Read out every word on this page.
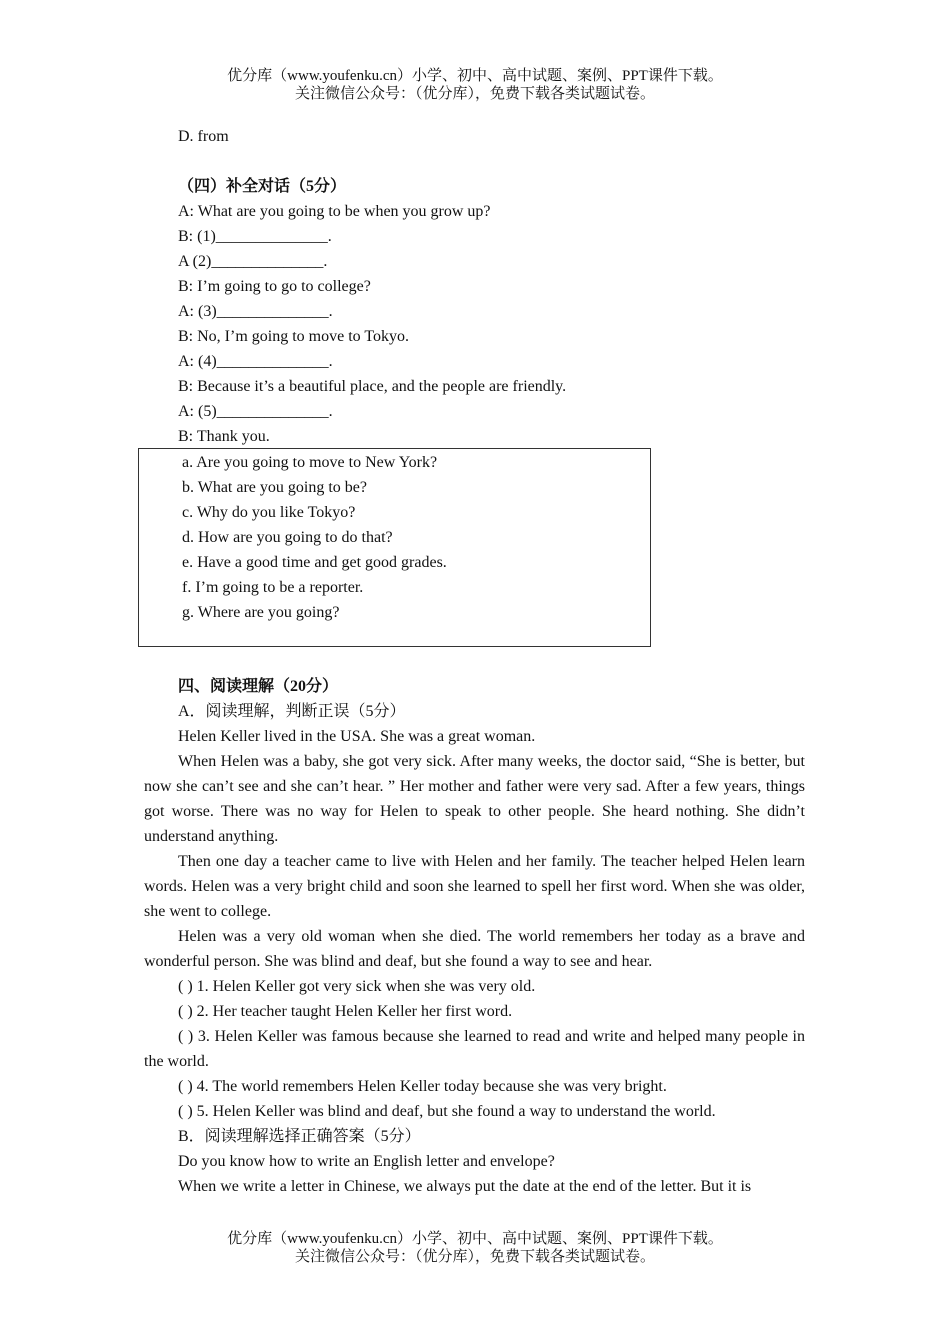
优分库（www.youfenku.cn）小学、初中、高中试题、案例、PPT课件下载。
关注微信公众号：（优分库），免费下载各类试题试卷。
D. from
（四）补全对话（5分）
A: What are you going to be when you grow up?
B: (1)______________.
A (2)______________.
B: I’m going to go to college?
A: (3)______________.
B: No, I’m going to move to Tokyo.
A: (4)______________.
B: Because it’s a beautiful place, and the people are friendly.
A: (5)______________.
B: Thank you.
四、阅读理解（20分）
A．阅读理解，判断正误（5分）
Helen Keller lived in the USA. She was a great woman.
When Helen was a baby, she got very sick. After many weeks, the doctor said, “She is better, but now she can’t see and she can’t hear. ” Her mother and father were very sad. After a few years, things got worse. There was no way for Helen to speak to other people. She heard nothing. She didn’t understand anything.
Then one day a teacher came to live with Helen and her family. The teacher helped Helen learn words. Helen was a very bright child and soon she learned to spell her first word. When she was older, she went to college.
Helen was a very old woman when she died. The world remembers her today as a brave and wonderful person. She was blind and deaf, but she found a way to see and hear.
( ) 1. Helen Keller got very sick when she was very old.
( ) 2. Her teacher taught Helen Keller her first word.
( ) 3. Helen Keller was famous because she learned to read and write and helped many people in the world.
( ) 4. The world remembers Helen Keller today because she was very bright.
( ) 5. Helen Keller was blind and deaf, but she found a way to understand the world.
B．阅读理解选择正确答案（5分）
Do you know how to write an English letter and envelope?
When we write a letter in Chinese, we always put the date at the end of the letter. But it is
a. Are you going to move to New York?
b. What are you going to be?
c. Why do you like Tokyo?
d. How are you going to do that?
e. Have a good time and get good grades.
f. I’m going to be a reporter.
g. Where are you going?
优分库（www.youfenku.cn）小学、初中、高中试题、案例、PPT课件下载。
关注微信公众号：（优分库），免费下载各类试题试卷。
